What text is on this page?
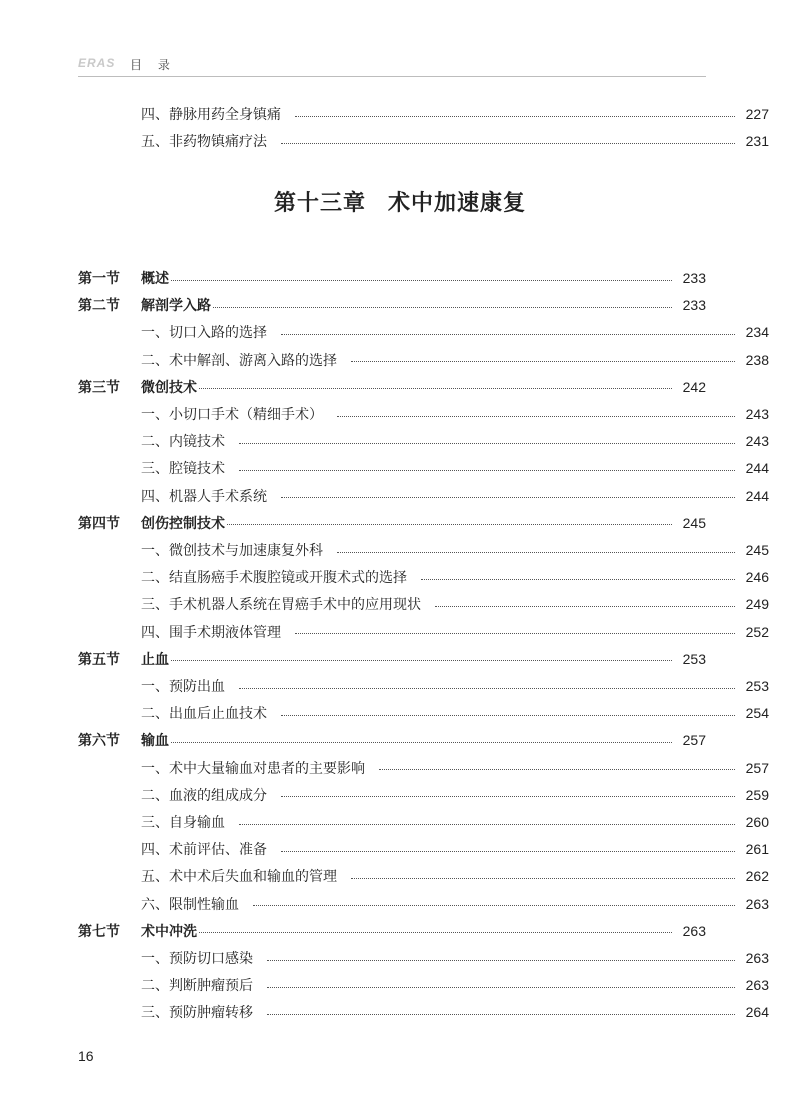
ERAS 目 录
四、静脉用药全身镇痛	227
五、非药物镇痛疗法	231
第十三章 术中加速康复
第一节	概述	233
第二节	解剖学入路	233
一、切口入路的选择	234
二、术中解剖、游离入路的选择	238
第三节	微创技术	242
一、小切口手术（精细手术）	243
二、内镜技术	243
三、腔镜技术	244
四、机器人手术系统	244
第四节	创伤控制技术	245
一、微创技术与加速康复外科	245
二、结直肠癌手术腹腔镜或开腹术式的选择	246
三、手术机器人系统在胃癌手术中的应用现状	249
四、围手术期液体管理	252
第五节	止血	253
一、预防出血	253
二、出血后止血技术	254
第六节	输血	257
一、术中大量输血对患者的主要影响	257
二、血液的组成成分	259
三、自身输血	260
四、术前评估、准备	261
五、术中术后失血和输血的管理	262
六、限制性输血	263
第七节	术中冲洗	263
一、预防切口感染	263
二、判断肿瘤预后	263
三、预防肿瘤转移	264
16
